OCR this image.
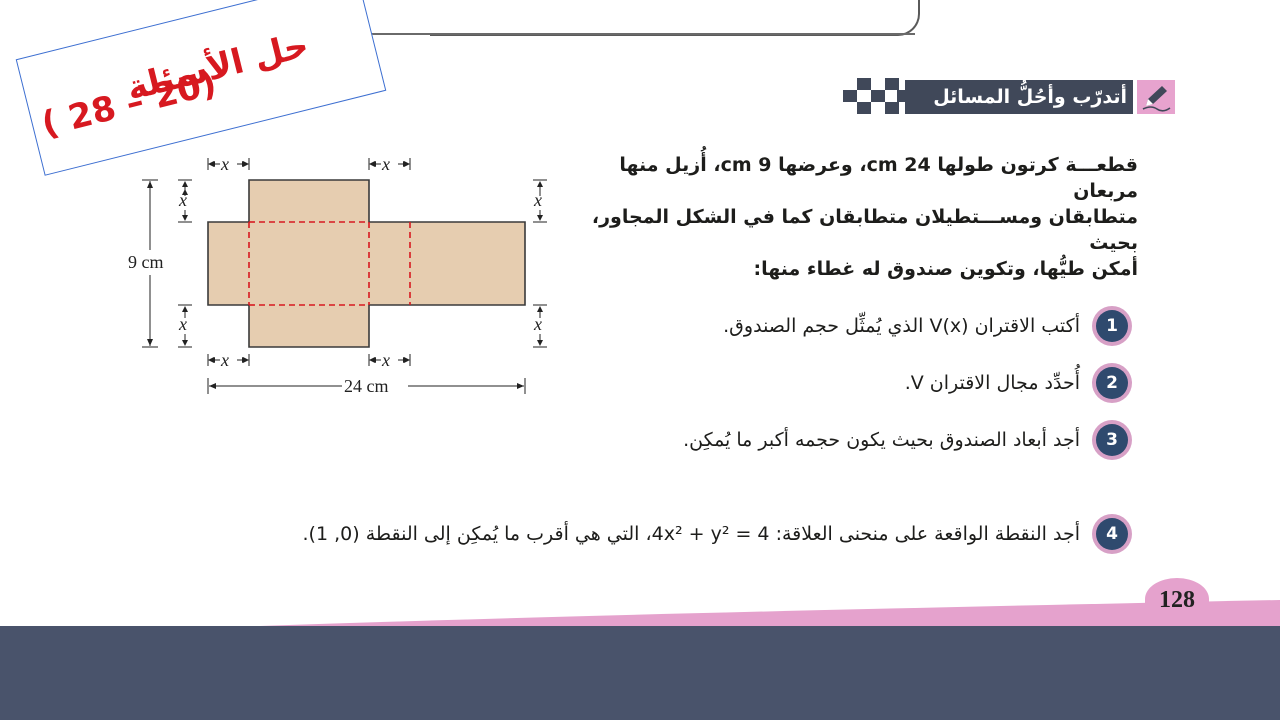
حل الأسئلة
( 28 – 20)	أتدرّب وأحُلُّ المسائل
قطعـــة كرتون طولها 24 cm، وعرضها 9 cm، أُزيل منها مربعان
متطابقان ومســـتطيلان متطابقان كما في الشكل المجاور، بحيث
أمكن طيُّها، وتكوين صندوق له غطاء منها:
1
أكتب الاقتران V(x) الذي يُمثِّل حجم الصندوق.
2
أُحدِّد مجال الاقتران V.
3
أجد أبعاد الصندوق بحيث يكون حجمه أكبر ما يُمكِن.
4
أجد النقطة الواقعة على منحنى العلاقة: 4x² + y² = 4، التي هي أقرب ما يُمكِن إلى النقطة (0, 1).
x	x
x	x
x
x
x
x
9 cm
24 cm
128
